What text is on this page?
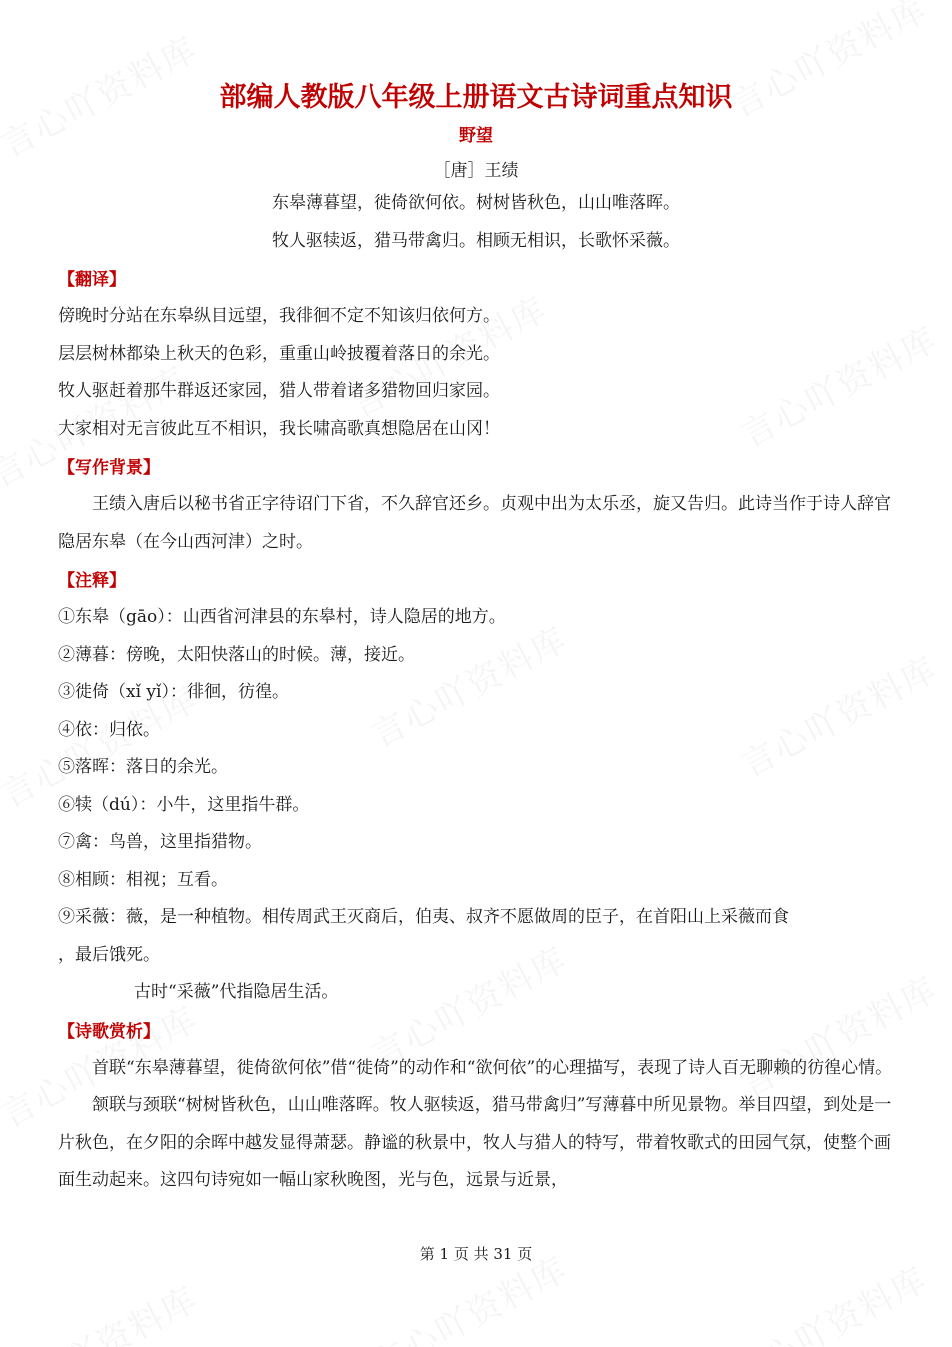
部编人教版八年级上册语文古诗词重点知识
野望
［唐］王绩
东皋薄暮望，徙倚欲何依。树树皆秋色，山山唯落晖。
牧人驱犊返，猎马带禽归。相顾无相识，长歌怀采薇。
【翻译】
傍晚时分站在东皋纵目远望，我徘徊不定不知该归依何方。
层层树林都染上秋天的色彩，重重山岭披覆着落日的余光。
牧人驱赶着那牛群返还家园，猎人带着诸多猎物回归家园。
大家相对无言彼此互不相识，我长啸高歌真想隐居在山冈！
【写作背景】

王绩入唐后以秘书省正字待诏门下省，不久辞官还乡。贞观中出为太乐丞，旋又告归。此诗当作于诗人辞官隐居东皋（在今山西河津）之时。

【注释】
①东皋（gāo）：山西省河津县的东皋村，诗人隐居的地方。
②薄暮：傍晚，太阳快落山的时候。薄，接近。
③徙倚（xǐ yǐ）：徘徊，彷徨。
④依：归依。
⑤落晖：落日的余光。
⑥犊（dú）：小牛，这里指牛群。
⑦禽：鸟兽，这里指猎物。
⑧相顾：相视；互看。
⑨采薇：薇，是一种植物。相传周武王灭商后，伯夷、叔齐不愿做周的臣子，在首阳山上采薇而食
，最后饿死。
古时“采薇”代指隐居生活。
【诗歌赏析】

首联“东皋薄暮望，徙倚欲何依”借“徙倚”的动作和“欲何依”的心理描写，表现了诗人百无聊赖的彷徨心情。

颔联与颈联“树树皆秋色，山山唯落晖。牧人驱犊返，猎马带禽归”写薄暮中所见景物。举目四望，到处是一片秋色，在夕阳的余晖中越发显得萧瑟。静谧的秋景中，牧人与猎人的特写，带着牧歌式的田园气氛，使整个画面生动起来。这四句诗宛如一幅山家秋晚图，光与色，远景与近景，

第 1 页 共 31 页
